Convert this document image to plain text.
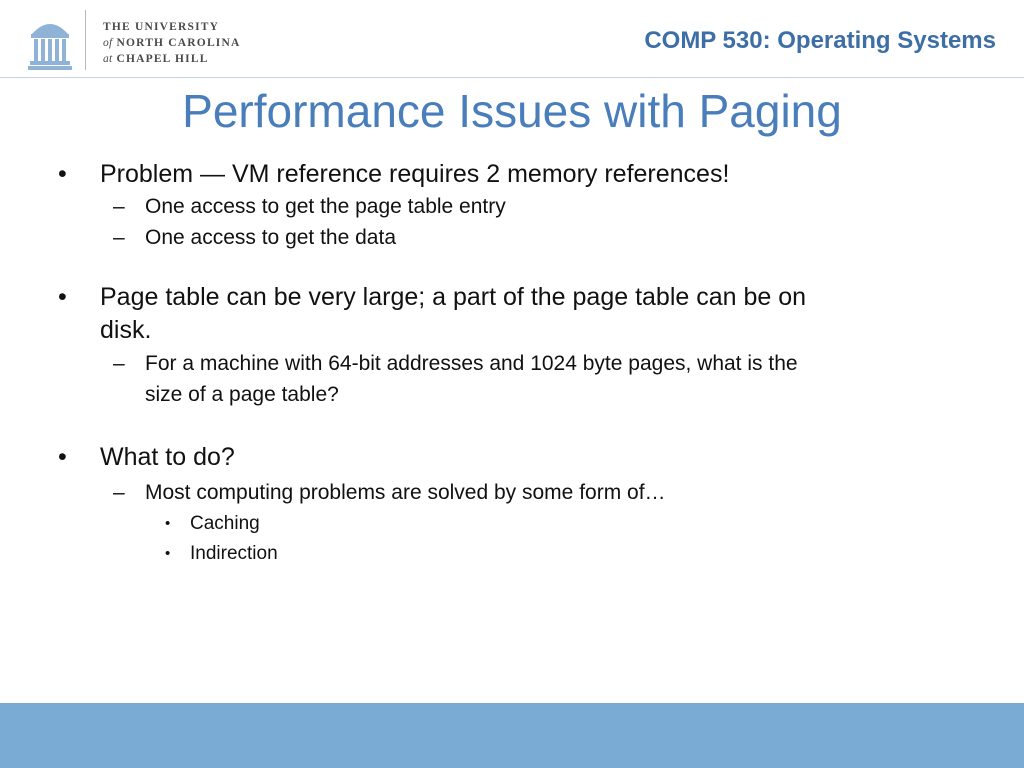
THE UNIVERSITY
of NORTH CAROLINA
at CHAPEL HILL
COMP 530: Operating Systems
Performance Issues with Paging
• Problem — VM reference requires 2 memory references!
– One access to get the page table entry
– One access to get the data
• Page table can be very large; a part of the page table can be on
disk.
– For a machine with 64-bit addresses and 1024 byte pages, what is the
size of a page table?
• What to do?
– Most computing problems are solved by some form of…
• Caching
• Indirection
